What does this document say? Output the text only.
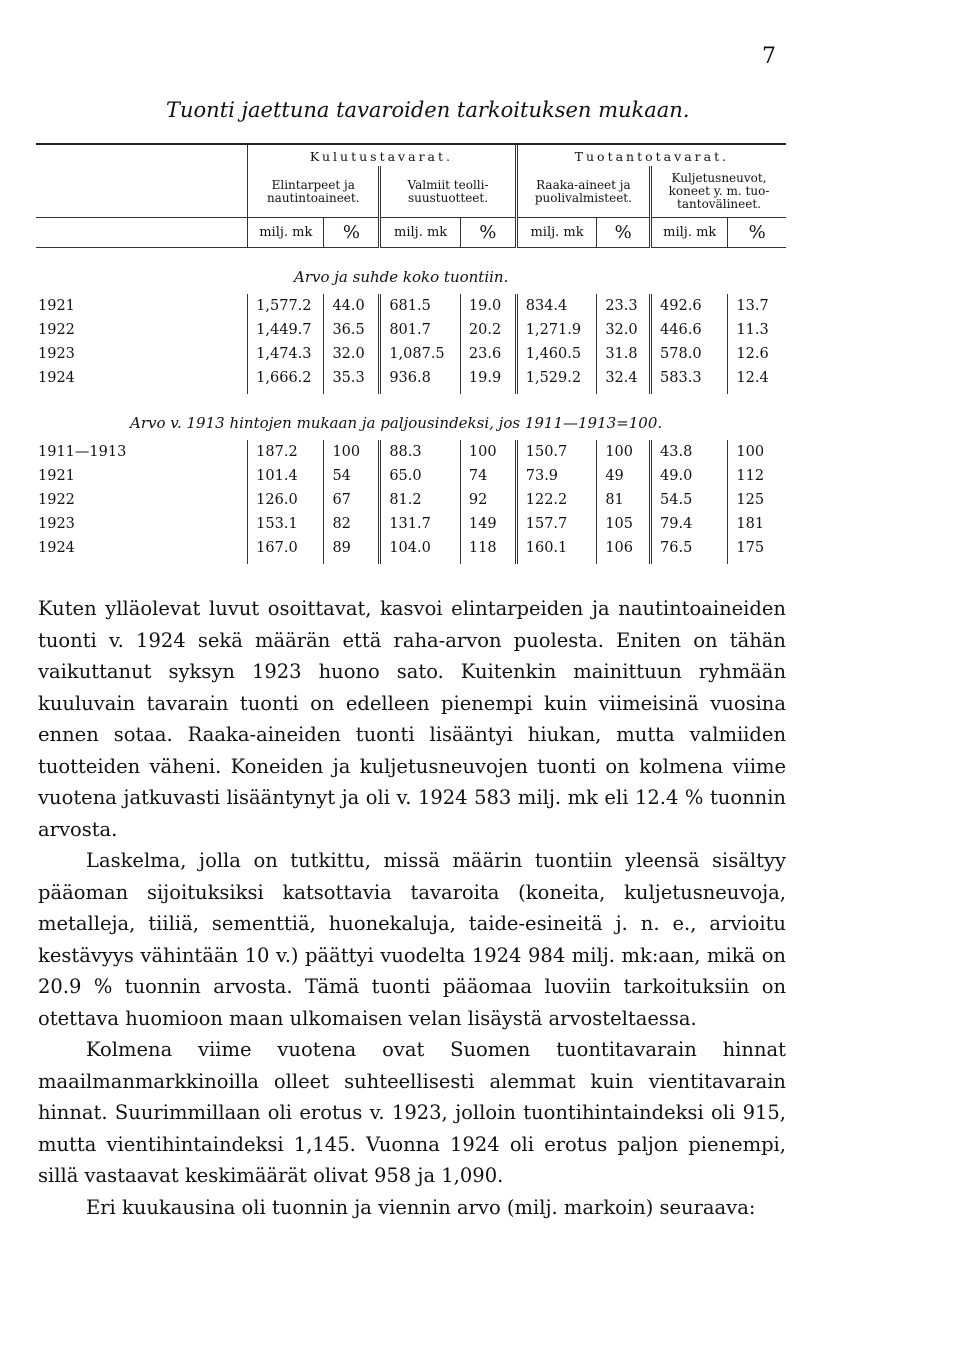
7
Tuonti jaettuna tavaroiden tarkoituksen mukaan.

	Kulutustavarat.				Tuotantotavarat.			
	Elintarpeet ja nautintoaineet.		Valmiit teolli-suustuotteet.		Raaka-aineet ja puolivalmisteet.		Kuljetusneuvot, koneet y. m. tuo-tantovälineet.	
	milj. mk	%	milj. mk	%	milj. mk	%	milj. mk	%
Arvo ja suhde koko tuontiin.								
1921	1,577.2	44.0	681.5	19.0	834.4	23.3	492.6	13.7
1922	1,449.7	36.5	801.7	20.2	1,271.9	32.0	446.6	11.3
1923	1,474.3	32.0	1,087.5	23.6	1,460.5	31.8	578.0	12.6
1924	1,666.2	35.3	936.8	19.9	1,529.2	32.4	583.3	12.4
Arvo v. 1913 hintojen mukaan ja paljousindeksi, jos 1911—1913=100.								
1911—1913	187.2	100	88.3	100	150.7	100	43.8	100
1921	101.4	54	65.0	74	73.9	49	49.0	112
1922	126.0	67	81.2	92	122.2	81	54.5	125
1923	153.1	82	131.7	149	157.7	105	79.4	181
1924	167.0	89	104.0	118	160.1	106	76.5	175

Kuten ylläolevat luvut osoittavat, kasvoi elintarpeiden ja nautintoaineiden tuonti v. 1924 sekä määrän että raha-arvon puolesta. Eniten on tähän vaikuttanut syksyn 1923 huono sato. Kuitenkin mainittuun ryhmään kuuluvain tavarain tuonti on edelleen pienempi kuin viimeisinä vuosina ennen sotaa. Raaka-aineiden tuonti lisääntyi hiukan, mutta valmiiden tuotteiden väheni. Koneiden ja kuljetusneuvojen tuonti on kolmena viime vuotena jatkuvasti lisääntynyt ja oli v. 1924 583 milj. mk eli 12.4 % tuonnin arvosta.

Laskelma, jolla on tutkittu, missä määrin tuontiin yleensä sisältyy pääoman sijoituksiksi katsottavia tavaroita (koneita, kuljetusneuvoja, metalleja, tiiliä, sementtiä, huonekaluja, taide-esineitä j. n. e., arvioitu kestävyys vähintään 10 v.) päättyi vuodelta 1924 984 milj. mk:aan, mikä on 20.9 % tuonnin arvosta. Tämä tuonti pääomaa luoviin tarkoituksiin on otettava huomioon maan ulkomaisen velan lisäystä arvosteltaessa.

Kolmena viime vuotena ovat Suomen tuontitavarain hinnat maailmanmarkkinoilla olleet suhteellisesti alemmat kuin vientitavarain hinnat. Suurimmillaan oli erotus v. 1923, jolloin tuontihintaindeksi oli 915, mutta vientihintaindeksi 1,145. Vuonna 1924 oli erotus paljon pienempi, sillä vastaavat keskimäärät olivat 958 ja 1,090.

Eri kuukausina oli tuonnin ja viennin arvo (milj. markoin) seuraava:
